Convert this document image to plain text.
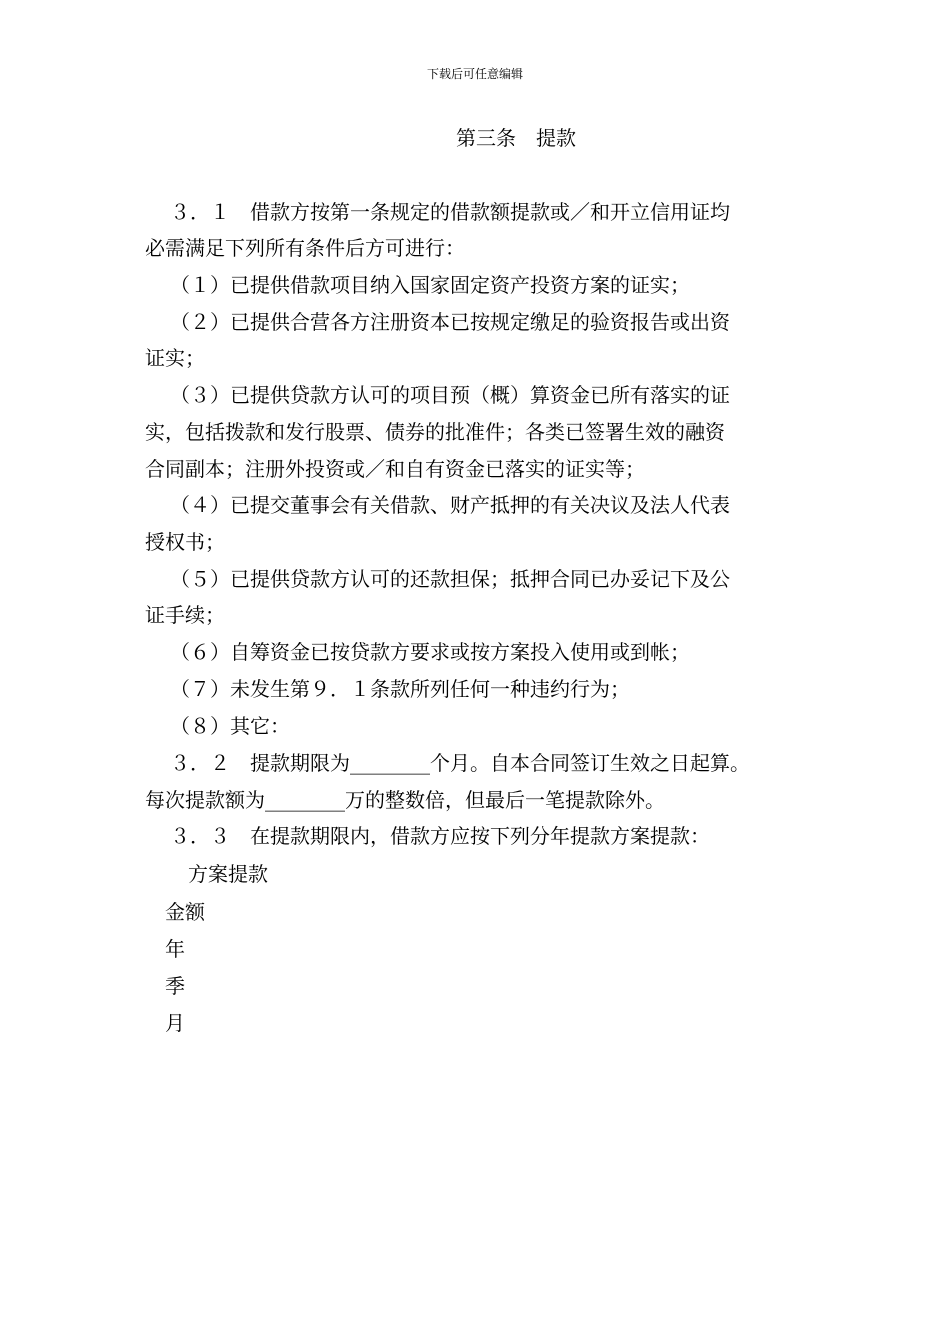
下载后可任意编辑
第三条　提款
３．１　借款方按第一条规定的借款额提款或／和开立信用证均
必需满足下列所有条件后方可进行：
（１）已提供借款项目纳入国家固定资产投资方案的证实；
（２）已提供合营各方注册资本已按规定缴足的验资报告或出资
证实；
（３）已提供贷款方认可的项目预（概）算资金已所有落实的证
实，包括拨款和发行股票、债券的批准件；各类已签署生效的融资
合同副本；注册外投资或／和自有资金已落实的证实等；
（４）已提交董事会有关借款、财产抵押的有关决议及法人代表
授权书；
（５）已提供贷款方认可的还款担保；抵押合同已办妥记下及公
证手续；
（６）自筹资金已按贷款方要求或按方案投入使用或到帐；
（７）未发生第９．１条款所列任何一种违约行为；
（８）其它：
３．２　提款期限为________个月。自本合同签订生效之日起算。
每次提款额为________万的整数倍，但最后一笔提款除外。
３．３　在提款期限内，借款方应按下列分年提款方案提款：
方案提款
金额
年
季
月
